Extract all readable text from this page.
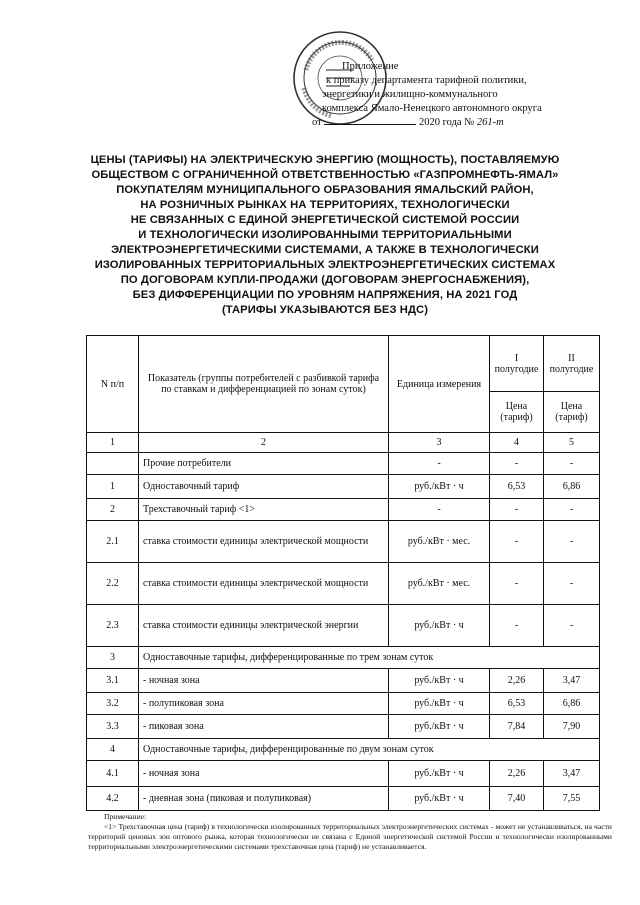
Приложение
к приказу департамента тарифной политики,
энергетики и жилищно-коммунального
комплекса Ямало-Ненецкого автономного округа
от	2020 года № 261-т
ЦЕНЫ (ТАРИФЫ) НА ЭЛЕКТРИЧЕСКУЮ ЭНЕРГИЮ (МОЩНОСТЬ), ПОСТАВЛЯЕМУЮ
ОБЩЕСТВОМ С ОГРАНИЧЕННОЙ ОТВЕТСТВЕННОСТЬЮ «ГАЗПРОМНЕФТЬ-ЯМАЛ»
ПОКУПАТЕЛЯМ МУНИЦИПАЛЬНОГО ОБРАЗОВАНИЯ ЯМАЛЬСКИЙ РАЙОН,
НА РОЗНИЧНЫХ РЫНКАХ НА ТЕРРИТОРИЯХ, ТЕХНОЛОГИЧЕСКИ
НЕ СВЯЗАННЫХ С ЕДИНОЙ ЭНЕРГЕТИЧЕСКОЙ СИСТЕМОЙ РОССИИ
И ТЕХНОЛОГИЧЕСКИ ИЗОЛИРОВАННЫМИ ТЕРРИТОРИАЛЬНЫМИ
ЭЛЕКТРОЭНЕРГЕТИЧЕСКИМИ СИСТЕМАМИ, А ТАКЖЕ В ТЕХНОЛОГИЧЕСКИ
ИЗОЛИРОВАННЫХ ТЕРРИТОРИАЛЬНЫХ ЭЛЕКТРОЭНЕРГЕТИЧЕСКИХ СИСТЕМАХ
ПО ДОГОВОРАМ КУПЛИ-ПРОДАЖИ (ДОГОВОРАМ ЭНЕРГОСНАБЖЕНИЯ),
БЕЗ ДИФФЕРЕНЦИАЦИИ ПО УРОВНЯМ НАПРЯЖЕНИЯ, НА 2021 ГОД
(ТАРИФЫ УКАЗЫВАЮТСЯ БЕЗ НДС)
N п/п	Показатель (группы потребителей с разбивкой тарифа по ставкам и дифференциацией по зонам суток)	Единица измерения	I полугодие	II полугодие
			Цена (тариф)	Цена (тариф)
1	2	3	4	5
	Прочие потребители	-	-	-
1	Одноставочный тариф	руб./кВт · ч	6,53	6,86
2	Трехставочный тариф <1>	-	-	-
2.1	ставка стоимости единицы электрической мощности	руб./кВт · мес.	-	-
2.2	ставка стоимости единицы электрической мощности	руб./кВт · мес.	-	-
2.3	ставка стоимости единицы электрической энергии	руб./кВт · ч	-	-
3	Одноставочные тарифы, дифференцированные по трем зонам суток			
3.1	- ночная зона	руб./кВт · ч	2,26	3,47
3.2	- полупиковая зона	руб./кВт · ч	6,53	6,86
3.3	- пиковая зона	руб./кВт · ч	7,84	7,90
4	Одноставочные тарифы, дифференцированные по двум зонам суток			
4.1	- ночная зона	руб./кВт · ч	2,26	3,47
4.2	- дневная зона (пиковая и полупиковая)	руб./кВт · ч	7,40	7,55
Примечание:
<1> Трехставочная цена (тариф) в технологически изолированных территориальных электроэнергетических системах - может не устанавливаться, на части территорий ценовых зон оптового рынка, которая технологически не связана с Единой энергетической системой России и технологически изолированными территориальными электроэнергетическими системами трехставочная цена (тариф) не устанавливается.
